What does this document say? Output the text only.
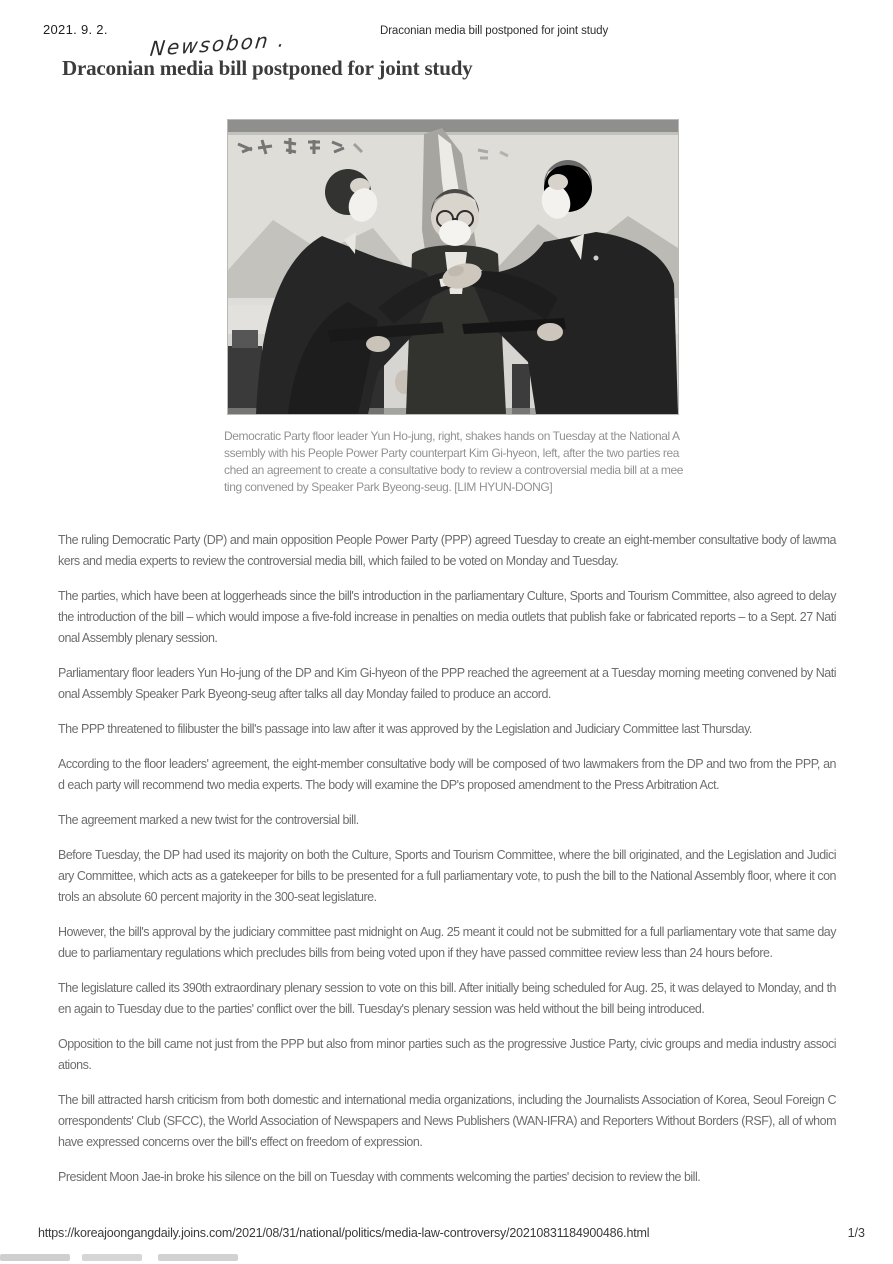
2021. 9. 2.	Draconian media bill postponed for joint study
Newsobon .
Draconian media bill postponed for joint study
Democratic Party floor leader Yun Ho-jung, right, shakes hands on Tuesday at the National Assembly with his People Power Party counterpart Kim Gi-hyeon, left, after the two parties reached an agreement to create a consultative body to review a controversial media bill at a meeting convened by Speaker Park Byeong-seug. [LIM HYUN-DONG]

The ruling Democratic Party (DP) and main opposition People Power Party (PPP) agreed Tuesday to create an eight-member consultative body of lawmakers and media experts to review the controversial media bill, which failed to be voted on Monday and Tuesday.

The parties, which have been at loggerheads since the bill's introduction in the parliamentary Culture, Sports and Tourism Committee, also agreed to delay the introduction of the bill – which would impose a five-fold increase in penalties on media outlets that publish fake or fabricated reports – to a Sept. 27 National Assembly plenary session.

Parliamentary floor leaders Yun Ho-jung of the DP and Kim Gi-hyeon of the PPP reached the agreement at a Tuesday morning meeting convened by National Assembly Speaker Park Byeong-seug after talks all day Monday failed to produce an accord.

The PPP threatened to filibuster the bill's passage into law after it was approved by the Legislation and Judiciary Committee last Thursday.

According to the floor leaders' agreement, the eight-member consultative body will be composed of two lawmakers from the DP and two from the PPP, and each party will recommend two media experts. The body will examine the DP's proposed amendment to the Press Arbitration Act.

The agreement marked a new twist for the controversial bill.

Before Tuesday, the DP had used its majority on both the Culture, Sports and Tourism Committee, where the bill originated, and the Legislation and Judiciary Committee, which acts as a gatekeeper for bills to be presented for a full parliamentary vote, to push the bill to the National Assembly floor, where it controls an absolute 60 percent majority in the 300-seat legislature.

However, the bill's approval by the judiciary committee past midnight on Aug. 25 meant it could not be submitted for a full parliamentary vote that same day due to parliamentary regulations which precludes bills from being voted upon if they have passed committee review less than 24 hours before.

The legislature called its 390th extraordinary plenary session to vote on this bill. After initially being scheduled for Aug. 25, it was delayed to Monday, and then again to Tuesday due to the parties' conflict over the bill. Tuesday's plenary session was held without the bill being introduced.

Opposition to the bill came not just from the PPP but also from minor parties such as the progressive Justice Party, civic groups and media industry associations.

The bill attracted harsh criticism from both domestic and international media organizations, including the Journalists Association of Korea, Seoul Foreign Correspondents' Club (SFCC), the World Association of Newspapers and News Publishers (WAN-IFRA) and Reporters Without Borders (RSF), all of whom have expressed concerns over the bill's effect on freedom of expression.

President Moon Jae-in broke his silence on the bill on Tuesday with comments welcoming the parties' decision to review the bill.

https://koreajoongangdaily.joins.com/2021/08/31/national/politics/media-law-controversy/20210831184900486.html	1/3
